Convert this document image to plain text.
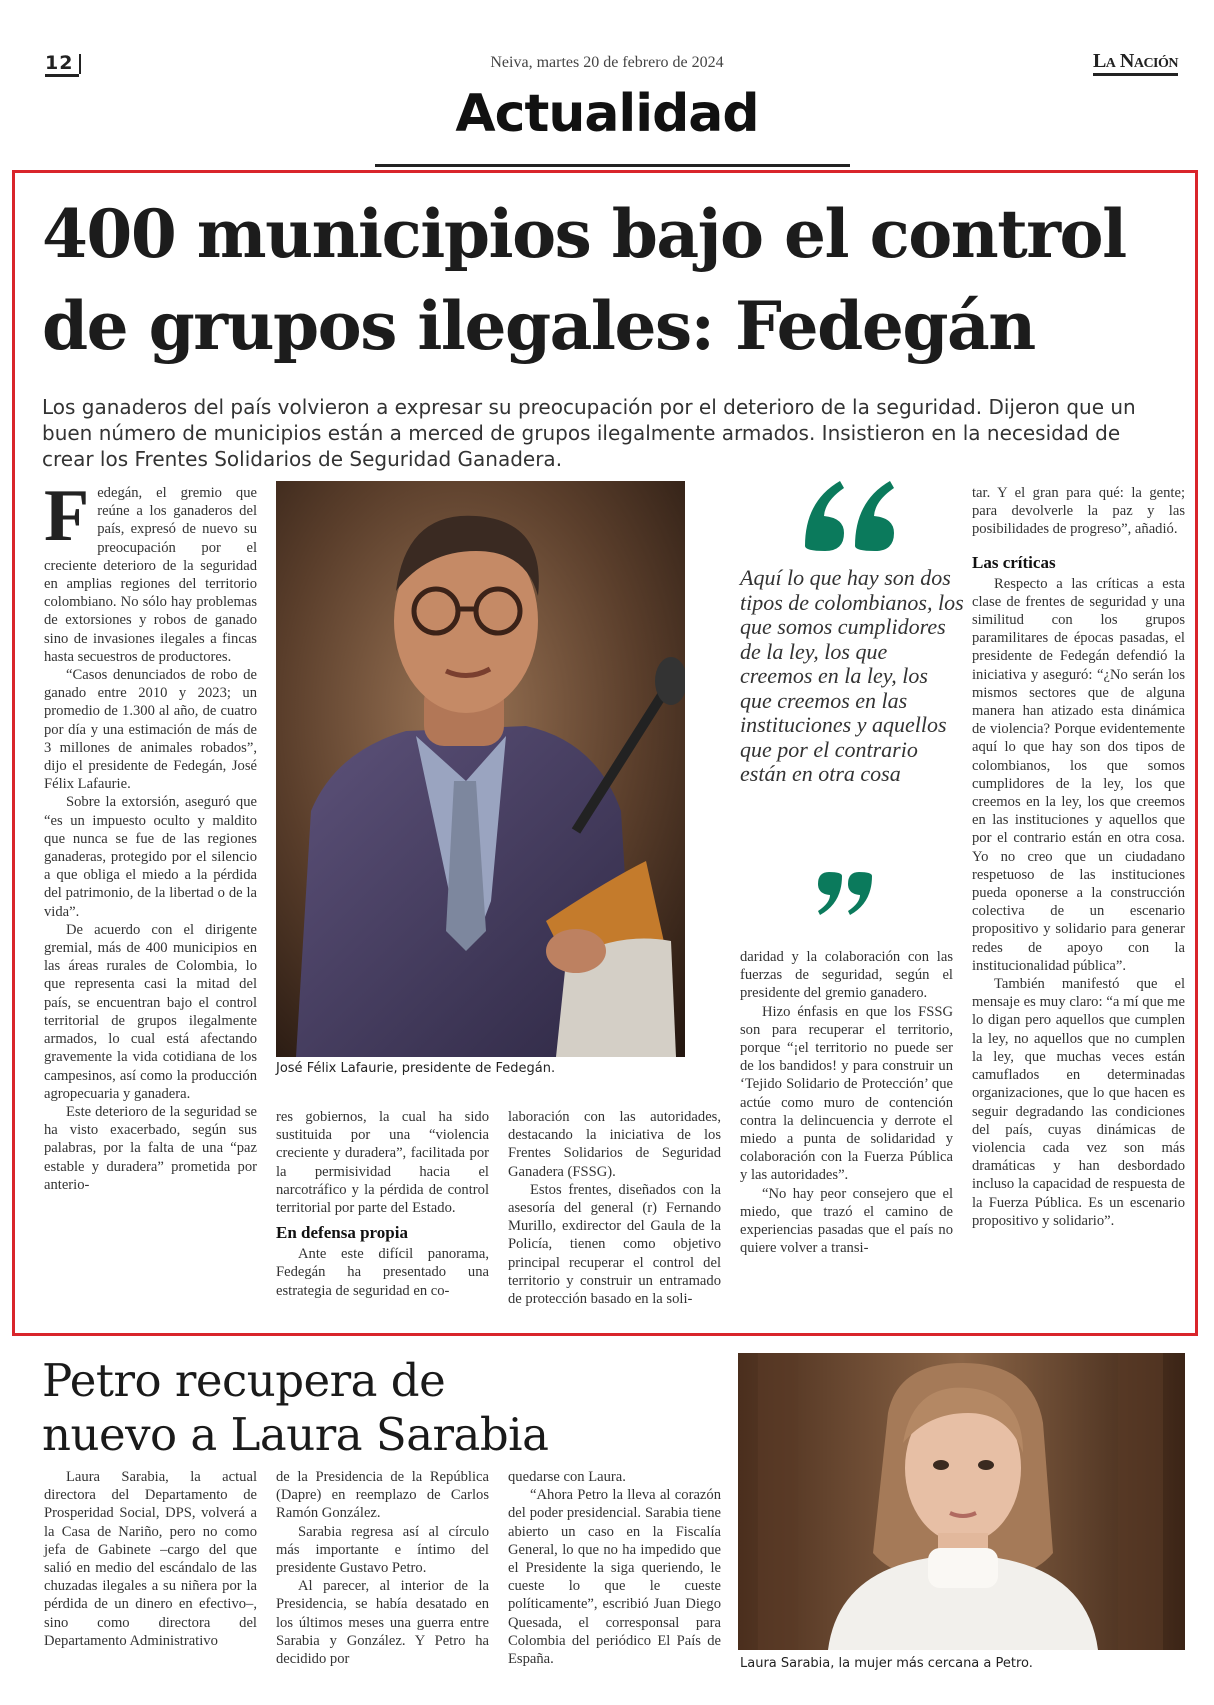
12	Neiva, martes 20 de febrero de 2024	La Nación
Actualidad
400 municipios bajo el control
de grupos ilegales: Fedegán
Los ganaderos del país volvieron a expresar su preocupación por el deterioro de la seguridad. Dijeron que un buen número de municipios están a merced de grupos ilegalmente armados. Insistieron en la necesidad de crear los Frentes Solidarios de Seguridad Ganadera.

Fedegán, el gremio que reúne a los ganaderos del país, expresó de nuevo su preocupación por el creciente deterioro de la seguridad en amplias regiones del territorio colombiano. No sólo hay problemas de extorsiones y robos de ganado sino de invasiones ilegales a fincas hasta secuestros de productores.

“Casos denunciados de robo de ganado entre 2010 y 2023; un promedio de 1.300 al año, de cuatro por día y una estimación de más de 3 millones de animales robados”, dijo el presidente de Fedegán, José Félix Lafaurie.

Sobre la extorsión, aseguró que “es un impuesto oculto y maldito que nunca se fue de las regiones ganaderas, protegido por el silencio a que obliga el miedo a la pérdida del patrimonio, de la libertad o de la vida”.

De acuerdo con el dirigente gremial, más de 400 municipios en las áreas rurales de Colombia, lo que representa casi la mitad del país, se encuentran bajo el control territorial de grupos ilegalmente armados, lo cual está afectando gravemente la vida cotidiana de los campesinos, así como la producción agropecuaria y ganadera.

Este deterioro de la seguridad se ha visto exacerbado, según sus palabras, por la falta de una “paz estable y duradera” prometida por anterio-

José Félix Lafaurie, presidente de Fedegán.

res gobiernos, la cual ha sido sustituida por una “violencia creciente y duradera”, facilitada por la permisividad hacia el narcotráfico y la pérdida de control territorial por parte del Estado.

En defensa propia

Ante este difícil panorama, Fedegán ha presentado una estrategia de seguridad en co-

laboración con las autoridades, destacando la iniciativa de los Frentes Solidarios de Seguridad Ganadera (FSSG).

Estos frentes, diseñados con la asesoría del general (r) Fernando Murillo, exdirector del Gaula de la Policía, tienen como objetivo principal recuperar el control del territorio y construir un entramado de protección basado en la soli-

Aquí lo que hay son dos tipos de colombianos, los que somos cumplidores de la ley, los que creemos en la ley, los que creemos en las instituciones y aquellos que por el contrario están en otra cosa

daridad y la colaboración con las fuerzas de seguridad, según el presidente del gremio ganadero.

Hizo énfasis en que los FSSG son para recuperar el territorio, porque “¡el territorio no puede ser de los bandidos! y para construir un ‘Tejido Solidario de Protección’ que actúe como muro de contención contra la delincuencia y derrote el miedo a punta de solidaridad y colaboración con la Fuerza Pública y las autoridades”.

“No hay peor consejero que el miedo, que trazó el camino de experiencias pasadas que el país no quiere volver a transi-

tar. Y el gran para qué: la gente; para devolverle la paz y las posibilidades de progreso”, añadió.

Las críticas

Respecto a las críticas a esta clase de frentes de seguridad y una similitud con los grupos paramilitares de épocas pasadas, el presidente de Fedegán defendió la iniciativa y aseguró: “¿No serán los mismos sectores que de alguna manera han atizado esta dinámica de violencia? Porque evidentemente aquí lo que hay son dos tipos de colombianos, los que somos cumplidores de la ley, los que creemos en la ley, los que creemos en las instituciones y aquellos que por el contrario están en otra cosa. Yo no creo que un ciudadano respetuoso de las instituciones pueda oponerse a la construcción colectiva de un escenario propositivo y solidario para generar redes de apoyo con la institucionalidad pública”.

También manifestó que el mensaje es muy claro: “a mí que me lo digan pero aquellos que cumplen la ley, no aquellos que no cumplen la ley, que muchas veces están camuflados en determinadas organizaciones, que lo que hacen es seguir degradando las condiciones del país, cuyas dinámicas de violencia cada vez son más dramáticas y han desbordado incluso la capacidad de respuesta de la Fuerza Pública. Es un escenario propositivo y solidario”.

Petro recupera de
nuevo a Laura Sarabia

Laura Sarabia, la actual directora del Departamento de Prosperidad Social, DPS, volverá a la Casa de Nariño, pero no como jefa de Gabinete –cargo del que salió en medio del escándalo de las chuzadas ilegales a su niñera por la pérdida de un dinero en efectivo–, sino como directora del Departamento Administrativo

de la Presidencia de la República (Dapre) en reemplazo de Carlos Ramón González.

Sarabia regresa así al círculo más importante e íntimo del presidente Gustavo Petro.

Al parecer, al interior de la Presidencia, se había desatado en los últimos meses una guerra entre Sarabia y González. Y Petro ha decidido por

quedarse con Laura.

“Ahora Petro la lleva al corazón del poder presidencial. Sarabia tiene abierto un caso en la Fiscalía General, lo que no ha impedido que el Presidente la siga queriendo, le cueste lo que le cueste políticamente”, escribió Juan Diego Quesada, el corresponsal para Colombia del periódico El País de España.	Laura Sarabia, la mujer más cercana a Petro.
